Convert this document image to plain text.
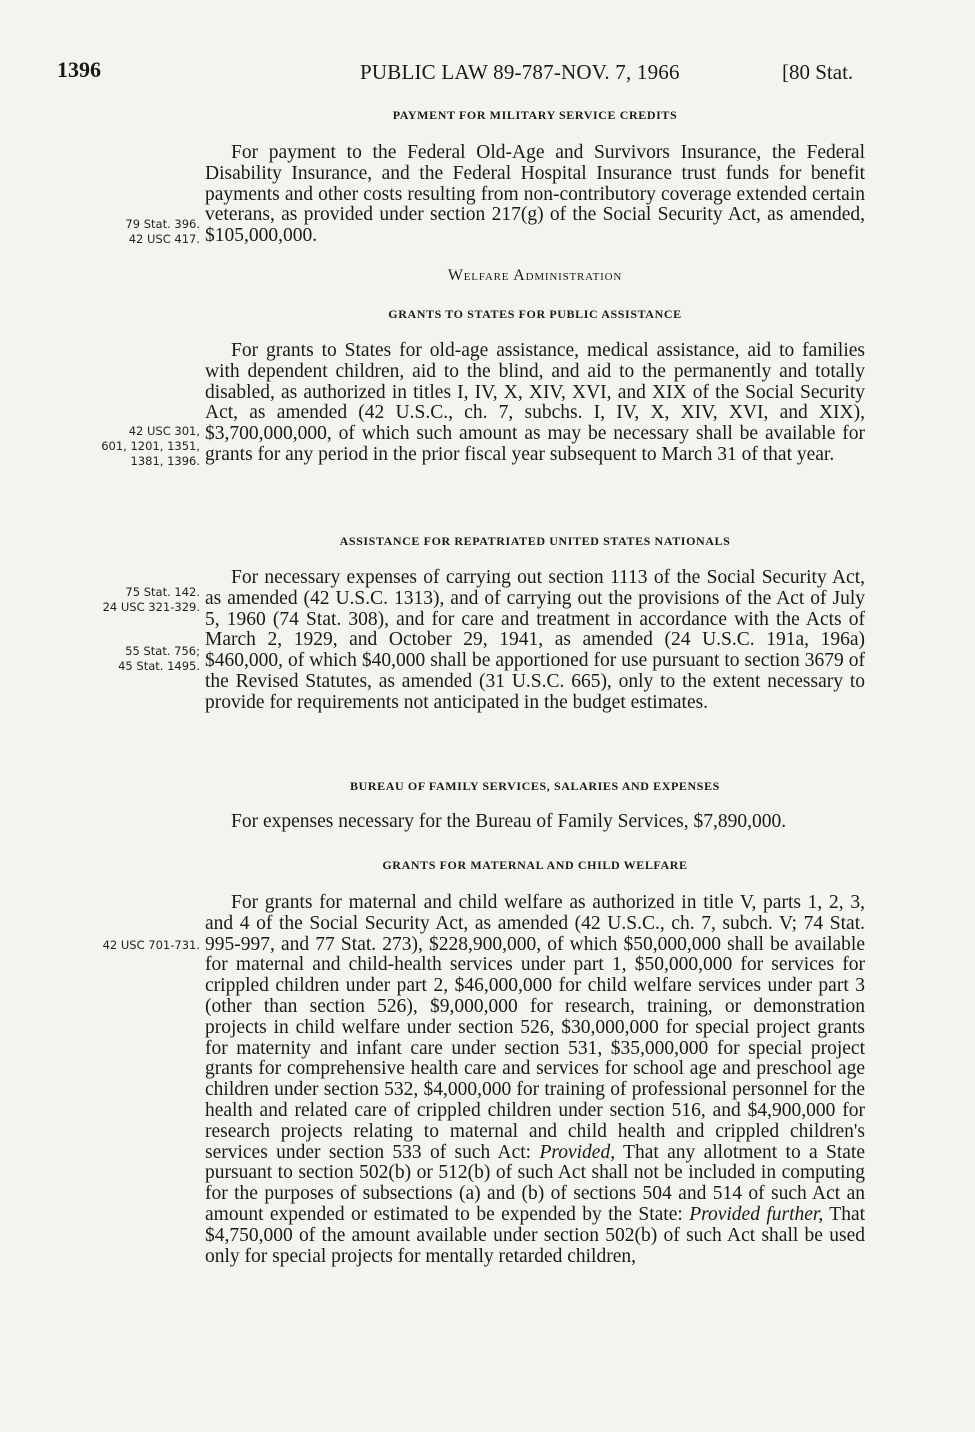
1396	PUBLIC LAW 89-787-NOV. 7, 1966	[80 Stat.
PAYMENT FOR MILITARY SERVICE CREDITS
79 Stat. 396.
42 USC 417.

For payment to the Federal Old-Age and Survivors Insurance, the Federal Disability Insurance, and the Federal Hospital Insurance trust funds for benefit payments and other costs resulting from non-contributory coverage extended certain veterans, as provided under section 217(g) of the Social Security Act, as amended, $105,000,000.

Welfare Administration
GRANTS TO STATES FOR PUBLIC ASSISTANCE
42 USC 301,
601, 1201, 1351,
1381, 1396.

For grants to States for old-age assistance, medical assistance, aid to families with dependent children, aid to the blind, and aid to the permanently and totally disabled, as authorized in titles I, IV, X, XIV, XVI, and XIX of the Social Security Act, as amended (42 U.S.C., ch. 7, subchs. I, IV, X, XIV, XVI, and XIX), $3,700,000,000, of which such amount as may be necessary shall be available for grants for any period in the prior fiscal year subsequent to March 31 of that year.

ASSISTANCE FOR REPATRIATED UNITED STATES NATIONALS
75 Stat. 142.
24 USC 321-329.
55 Stat. 756;
45 Stat. 1495.

For necessary expenses of carrying out section 1113 of the Social Security Act, as amended (42 U.S.C. 1313), and of carrying out the provisions of the Act of July 5, 1960 (74 Stat. 308), and for care and treatment in accordance with the Acts of March 2, 1929, and October 29, 1941, as amended (24 U.S.C. 191a, 196a) $460,000, of which $40,000 shall be apportioned for use pursuant to section 3679 of the Revised Statutes, as amended (31 U.S.C. 665), only to the extent necessary to provide for requirements not anticipated in the budget estimates.

BUREAU OF FAMILY SERVICES, SALARIES AND EXPENSES

For expenses necessary for the Bureau of Family Services, $7,890,000.

GRANTS FOR MATERNAL AND CHILD WELFARE
42 USC 701-731.

For grants for maternal and child welfare as authorized in title V, parts 1, 2, 3, and 4 of the Social Security Act, as amended (42 U.S.C., ch. 7, subch. V; 74 Stat. 995-997, and 77 Stat. 273), $228,900,000, of which $50,000,000 shall be available for maternal and child-health services under part 1, $50,000,000 for services for crippled children under part 2, $46,000,000 for child welfare services under part 3 (other than section 526), $9,000,000 for research, training, or demonstration projects in child welfare under section 526, $30,000,000 for special project grants for maternity and infant care under section 531, $35,000,000 for special project grants for comprehensive health care and services for school age and preschool age children under section 532, $4,000,000 for training of professional personnel for the health and related care of crippled children under section 516, and $4,900,000 for research projects relating to maternal and child health and crippled children's services under section 533 of such Act: Provided, That any allotment to a State pursuant to section 502(b) or 512(b) of such Act shall not be included in computing for the purposes of subsections (a) and (b) of sections 504 and 514 of such Act an amount expended or estimated to be expended by the State: Provided further, That $4,750,000 of the amount available under section 502(b) of such Act shall be used only for special projects for mentally retarded children,
